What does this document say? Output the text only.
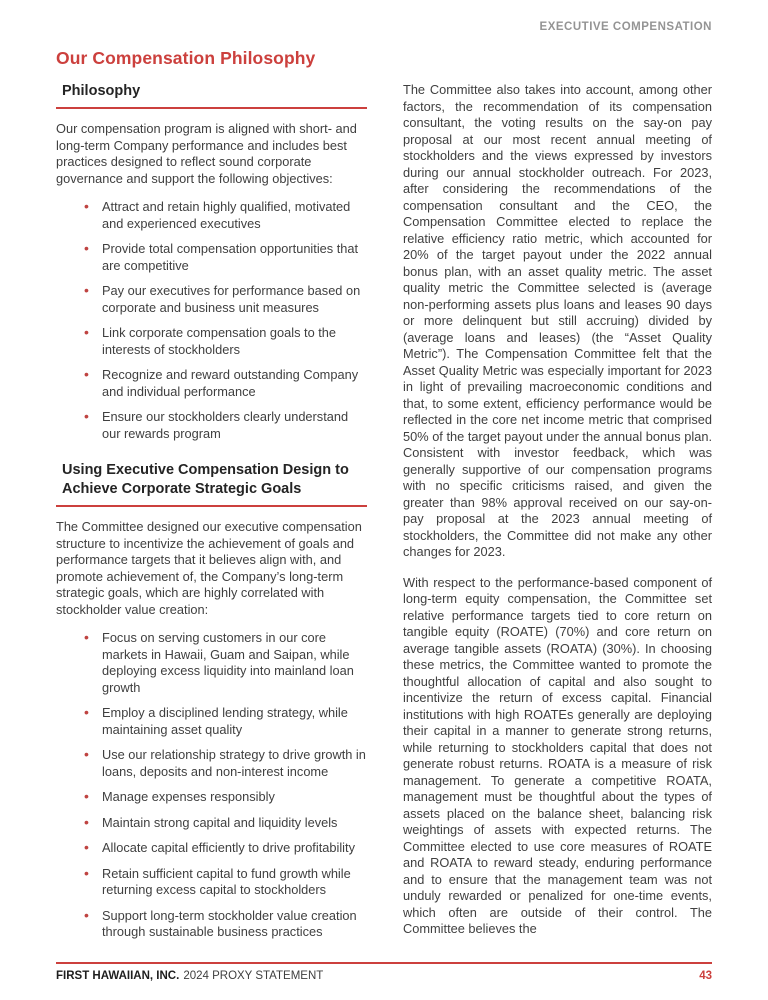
EXECUTIVE COMPENSATION
Our Compensation Philosophy
Philosophy

Our compensation program is aligned with short- and long-term Company performance and includes best practices designed to reflect sound corporate governance and support the following objectives:

• Attract and retain highly qualified, motivated and experienced executives
• Provide total compensation opportunities that are competitive
• Pay our executives for performance based on corporate and business unit measures
• Link corporate compensation goals to the interests of stockholders
• Recognize and reward outstanding Company and individual performance
• Ensure our stockholders clearly understand our rewards program
Using Executive Compensation Design to Achieve Corporate Strategic Goals

The Committee designed our executive compensation structure to incentivize the achievement of goals and performance targets that it believes align with, and promote achievement of, the Company’s long-term strategic goals, which are highly correlated with stockholder value creation:

• Focus on serving customers in our core markets in Hawaii, Guam and Saipan, while deploying excess liquidity into mainland loan growth
• Employ a disciplined lending strategy, while maintaining asset quality
• Use our relationship strategy to drive growth in loans, deposits and non-interest income
• Manage expenses responsibly
• Maintain strong capital and liquidity levels
• Allocate capital efficiently to drive profitability
• Retain sufficient capital to fund growth while returning excess capital to stockholders
• Support long-term stockholder value creation through sustainable business practices

The Committee also takes into account, among other factors, the recommendation of its compensation consultant, the voting results on the say-on pay proposal at our most recent annual meeting of stockholders and the views expressed by investors during our annual stockholder outreach. For 2023, after considering the recommendations of the compensation consultant and the CEO, the Compensation Committee elected to replace the relative efficiency ratio metric, which accounted for 20% of the target payout under the 2022 annual bonus plan, with an asset quality metric. The asset quality metric the Committee selected is (average non-performing assets plus loans and leases 90 days or more delinquent but still accruing) divided by (average loans and leases) (the “Asset Quality Metric”). The Compensation Committee felt that the Asset Quality Metric was especially important for 2023 in light of prevailing macroeconomic conditions and that, to some extent, efficiency performance would be reflected in the core net income metric that comprised 50% of the target payout under the annual bonus plan. Consistent with investor feedback, which was generally supportive of our compensation programs with no specific criticisms raised, and given the greater than 98% approval received on our say-on-pay proposal at the 2023 annual meeting of stockholders, the Committee did not make any other changes for 2023.

With respect to the performance-based component of long-term equity compensation, the Committee set relative performance targets tied to core return on tangible equity (ROATE) (70%) and core return on average tangible assets (ROATA) (30%). In choosing these metrics, the Committee wanted to promote the thoughtful allocation of capital and also sought to incentivize the return of excess capital. Financial institutions with high ROATEs generally are deploying their capital in a manner to generate strong returns, while returning to stockholders capital that does not generate robust returns. ROATA is a measure of risk management. To generate a competitive ROATA, management must be thoughtful about the types of assets placed on the balance sheet, balancing risk weightings of assets with expected returns. The Committee elected to use core measures of ROATE and ROATA to reward steady, enduring performance and to ensure that the management team was not unduly rewarded or penalized for one-time events, which often are outside of their control. The Committee believes the

FIRST HAWAIIAN, INC. 2024 PROXY STATEMENT	43
